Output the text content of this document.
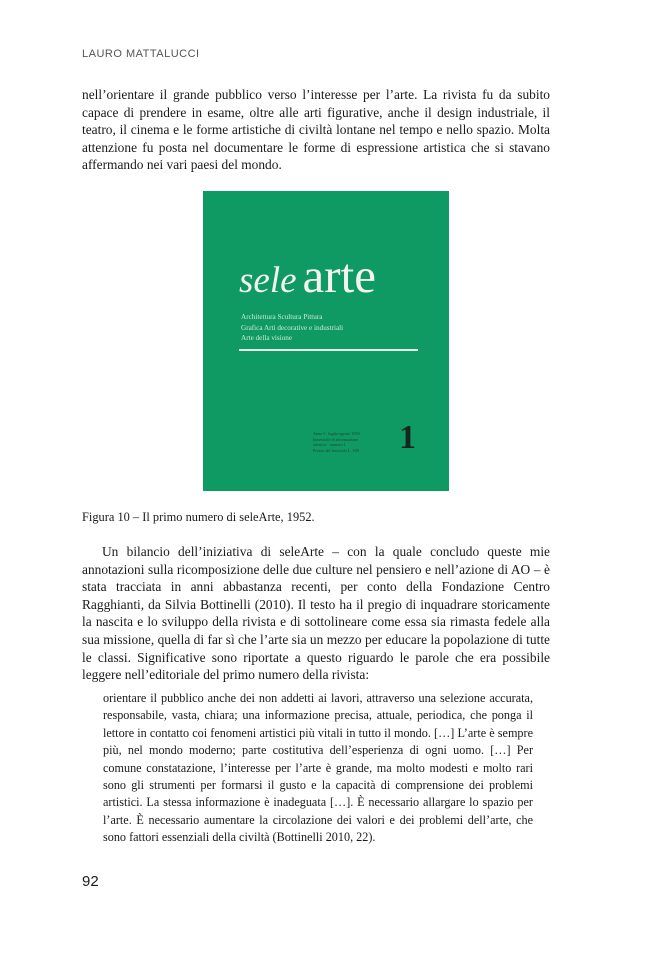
LAURO MATTALUCCI

nell’orientare il grande pubblico verso l’interesse per l’arte. La rivista fu da subito capace di prendere in esame, oltre alle arti figurative, anche il design industriale, il teatro, il cinema e le forme artistiche di civiltà lontane nel tempo e nello spazio. Molta attenzione fu posta nel documentare le forme di espressione artistica che si stavano affermando nei vari paesi del mondo.

sele arte
Architettura Scultura Pittura
Grafica Arti decorative e industriali
Arte della visione
Anno I - luglio-agosto 1952
bimestrale di informazione
artistica - numero 1
Prezzo del fascicolo L. 100	1
Figura 10 – Il primo numero di seleArte, 1952.

Un bilancio dell’iniziativa di seleArte – con la quale concludo queste mie annotazioni sulla ricomposizione delle due culture nel pensiero e nell’azione di AO – è stata tracciata in anni abbastanza recenti, per conto della Fondazione Centro Ragghianti, da Silvia Bottinelli (2010). Il testo ha il pregio di inquadrare storicamente la nascita e lo sviluppo della rivista e di sottolineare come essa sia rimasta fedele alla sua missione, quella di far sì che l’arte sia un mezzo per educare la popolazione di tutte le classi. Significative sono riportate a questo riguardo le parole che era possibile leggere nell’editoriale del primo numero della rivista:

orientare il pubblico anche dei non addetti ai lavori, attraverso una selezione accurata, responsabile, vasta, chiara; una informazione precisa, attuale, periodica, che ponga il lettore in contatto coi fenomeni artistici più vitali in tutto il mondo. […] L’arte è sempre più, nel mondo moderno; parte costitutiva dell’esperienza di ogni uomo. […] Per comune constatazione, l’interesse per l’arte è grande, ma molto modesti e molto rari sono gli strumenti per formarsi il gusto e la capacità di comprensione dei problemi artistici. La stessa informazione è inadeguata […]. È necessario allargare lo spazio per l’arte. È necessario aumentare la circolazione dei valori e dei problemi dell’arte, che sono fattori essenziali della civiltà (Bottinelli 2010, 22).

92
